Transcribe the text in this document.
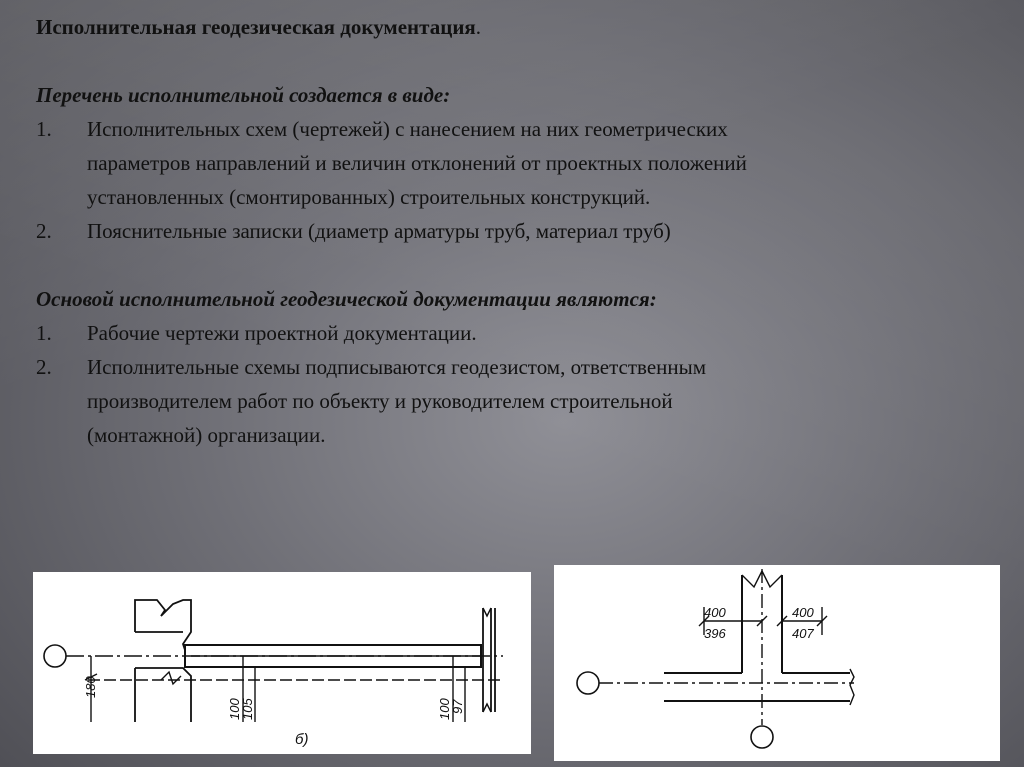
Исполнительная геодезическая документация.
Перечень исполнительной создается в виде:
1.	Исполнительных схем (чертежей) с нанесением на них геометрических
параметров направлений и величин отклонений от проектных положений
установленных (смонтированных) строительных конструкций.
2.	Пояснительные записки (диаметр арматуры труб, материал труб)
Основой исполнительной геодезической документации являются:
1.	Рабочие чертежи проектной документации.
2.	Исполнительные схемы подписываются геодезистом, ответственным
производителем работ по объекту и руководителем строительной
(монтажной) организации.
180
100
105	100
97
б)
400
396
400
407
